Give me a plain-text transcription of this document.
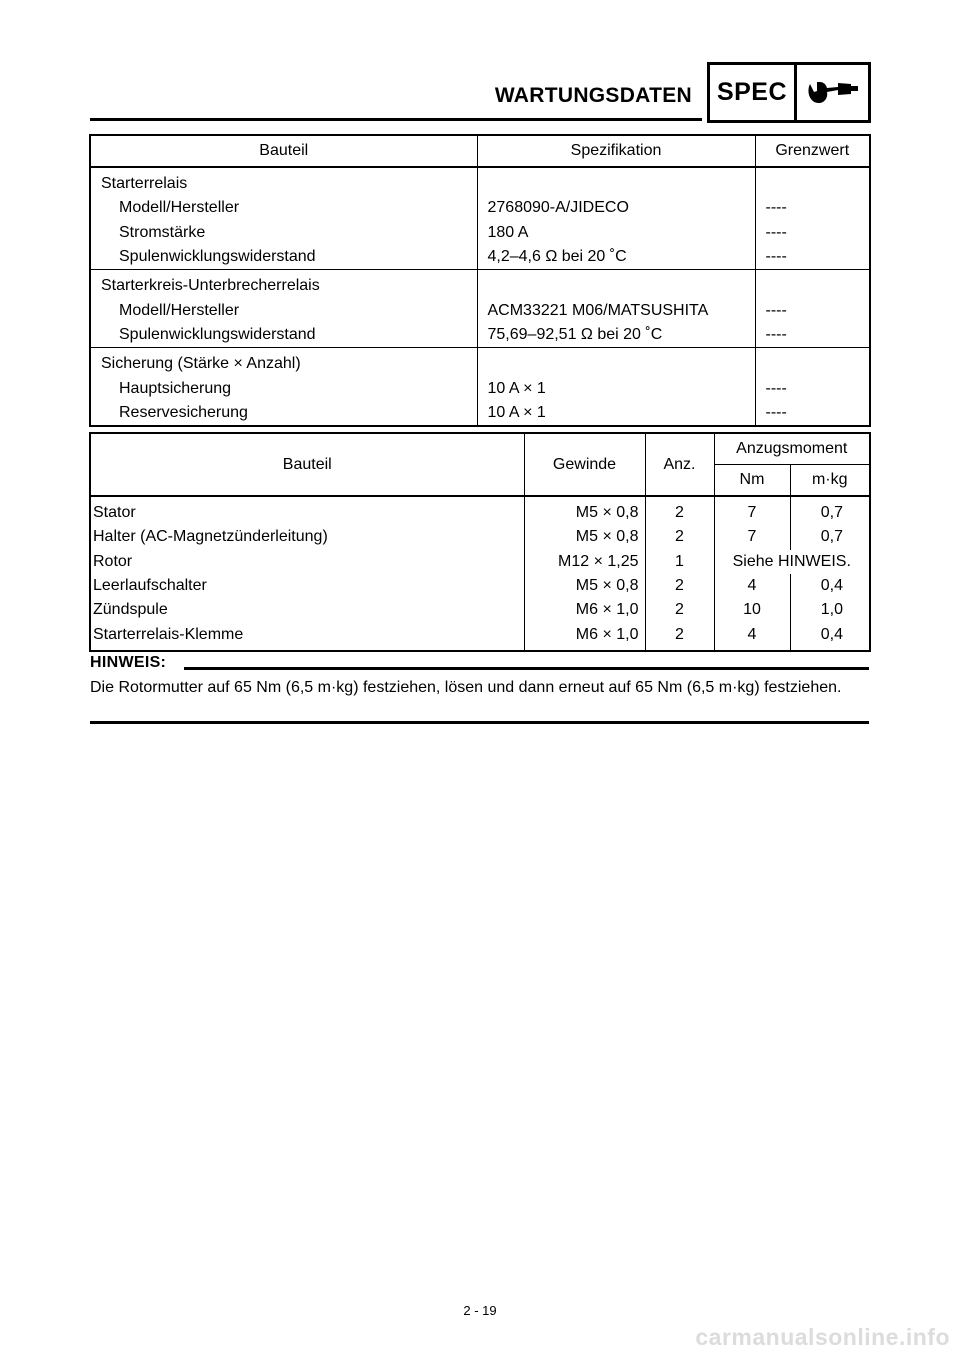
WARTUNGSDATEN SPEC
Bauteil	Spezifikation	Grenzwert
Starterrelais		
Modell/Hersteller	2768090-A/JIDECO	----
Stromstärke	180 A	----
Spulenwicklungswiderstand	4,2–4,6 Ω bei 20 ˚C	----
Starterkreis-Unterbrecherrelais		
Modell/Hersteller	ACM33221 M06/MATSUSHITA	----
Spulenwicklungswiderstand	75,69–92,51 Ω bei 20 ˚C	----
Sicherung (Stärke × Anzahl)		
Hauptsicherung	10 A × 1	----
Reservesicherung	10 A × 1	----
Bauteil	Gewinde	Anz.	Anzugsmoment	
			Nm	m·kg
Stator	M5 × 0,8	2	7	0,7
Halter (AC-Magnetzünderleitung)	M5 × 0,8	2	7	0,7
Rotor	M12 × 1,25	1	Siehe HINWEIS.	
Leerlaufschalter	M5 × 0,8	2	4	0,4
Zündspule	M6 × 1,0	2	10	1,0
Starterrelais-Klemme	M6 × 1,0	2	4	0,4
HINWEIS:
Die Rotormutter auf 65 Nm (6,5 m·kg) festziehen, lösen und dann erneut auf 65 Nm (6,5 m·kg) festziehen.
2 - 19
carmanualsonline.info
